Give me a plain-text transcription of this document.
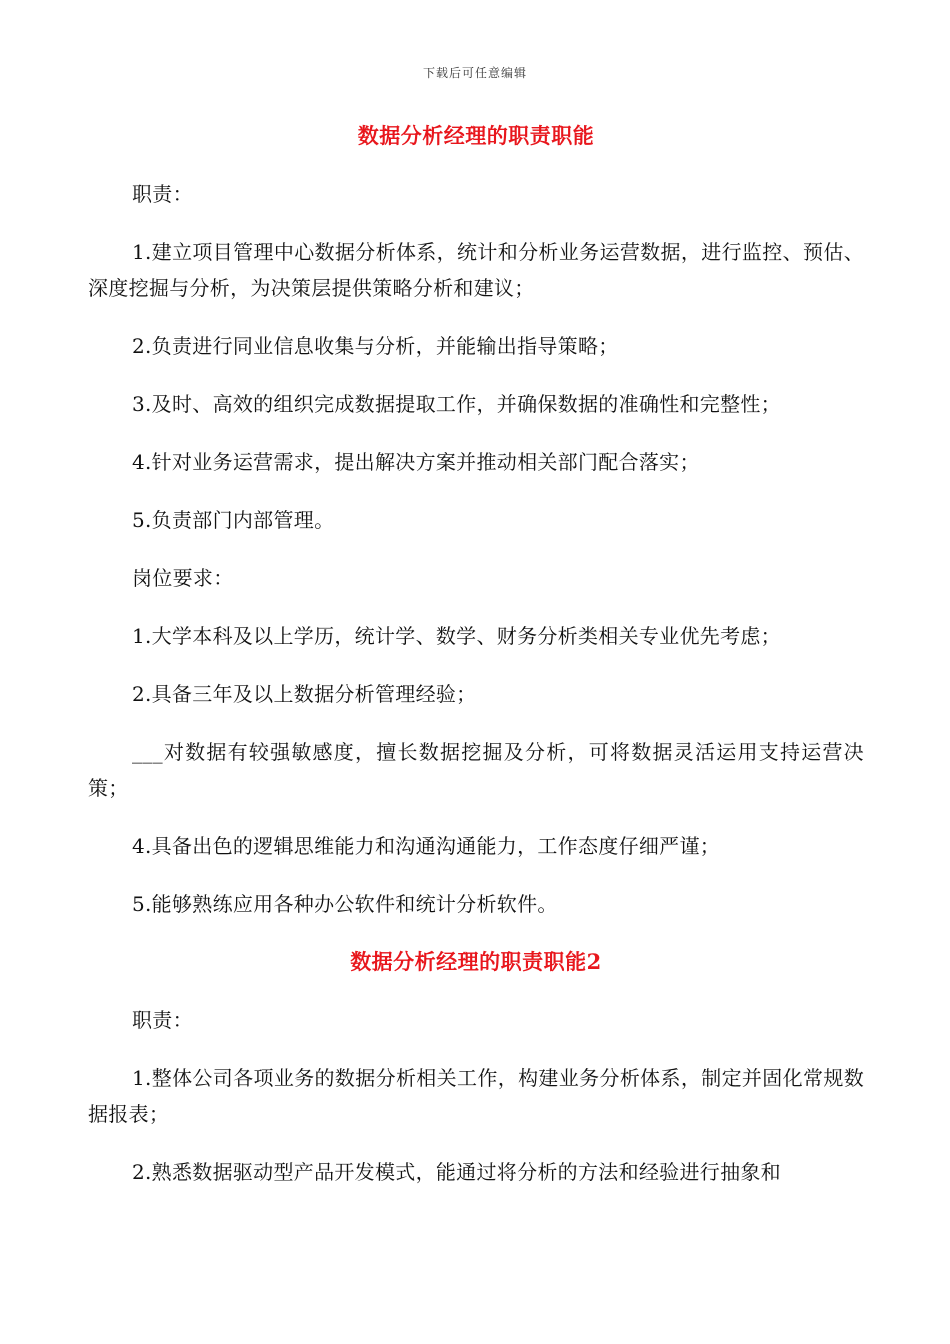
下载后可任意编辑
数据分析经理的职责职能

职责：

1.建立项目管理中心数据分析体系，统计和分析业务运营数据，进行监控、预估、深度挖掘与分析，为决策层提供策略分析和建议；

2.负责进行同业信息收集与分析，并能输出指导策略；

3.及时、高效的组织完成数据提取工作，并确保数据的准确性和完整性；

4.针对业务运营需求，提出解决方案并推动相关部门配合落实；

5.负责部门内部管理。

岗位要求：

1.大学本科及以上学历，统计学、数学、财务分析类相关专业优先考虑；

2.具备三年及以上数据分析管理经验；

___对数据有较强敏感度，擅长数据挖掘及分析，可将数据灵活运用支持运营决策；

4.具备出色的逻辑思维能力和沟通沟通能力，工作态度仔细严谨；

5.能够熟练应用各种办公软件和统计分析软件。

数据分析经理的职责职能2

职责：

1.整体公司各项业务的数据分析相关工作，构建业务分析体系，制定并固化常规数据报表；

2.熟悉数据驱动型产品开发模式，能通过将分析的方法和经验进行抽象和
